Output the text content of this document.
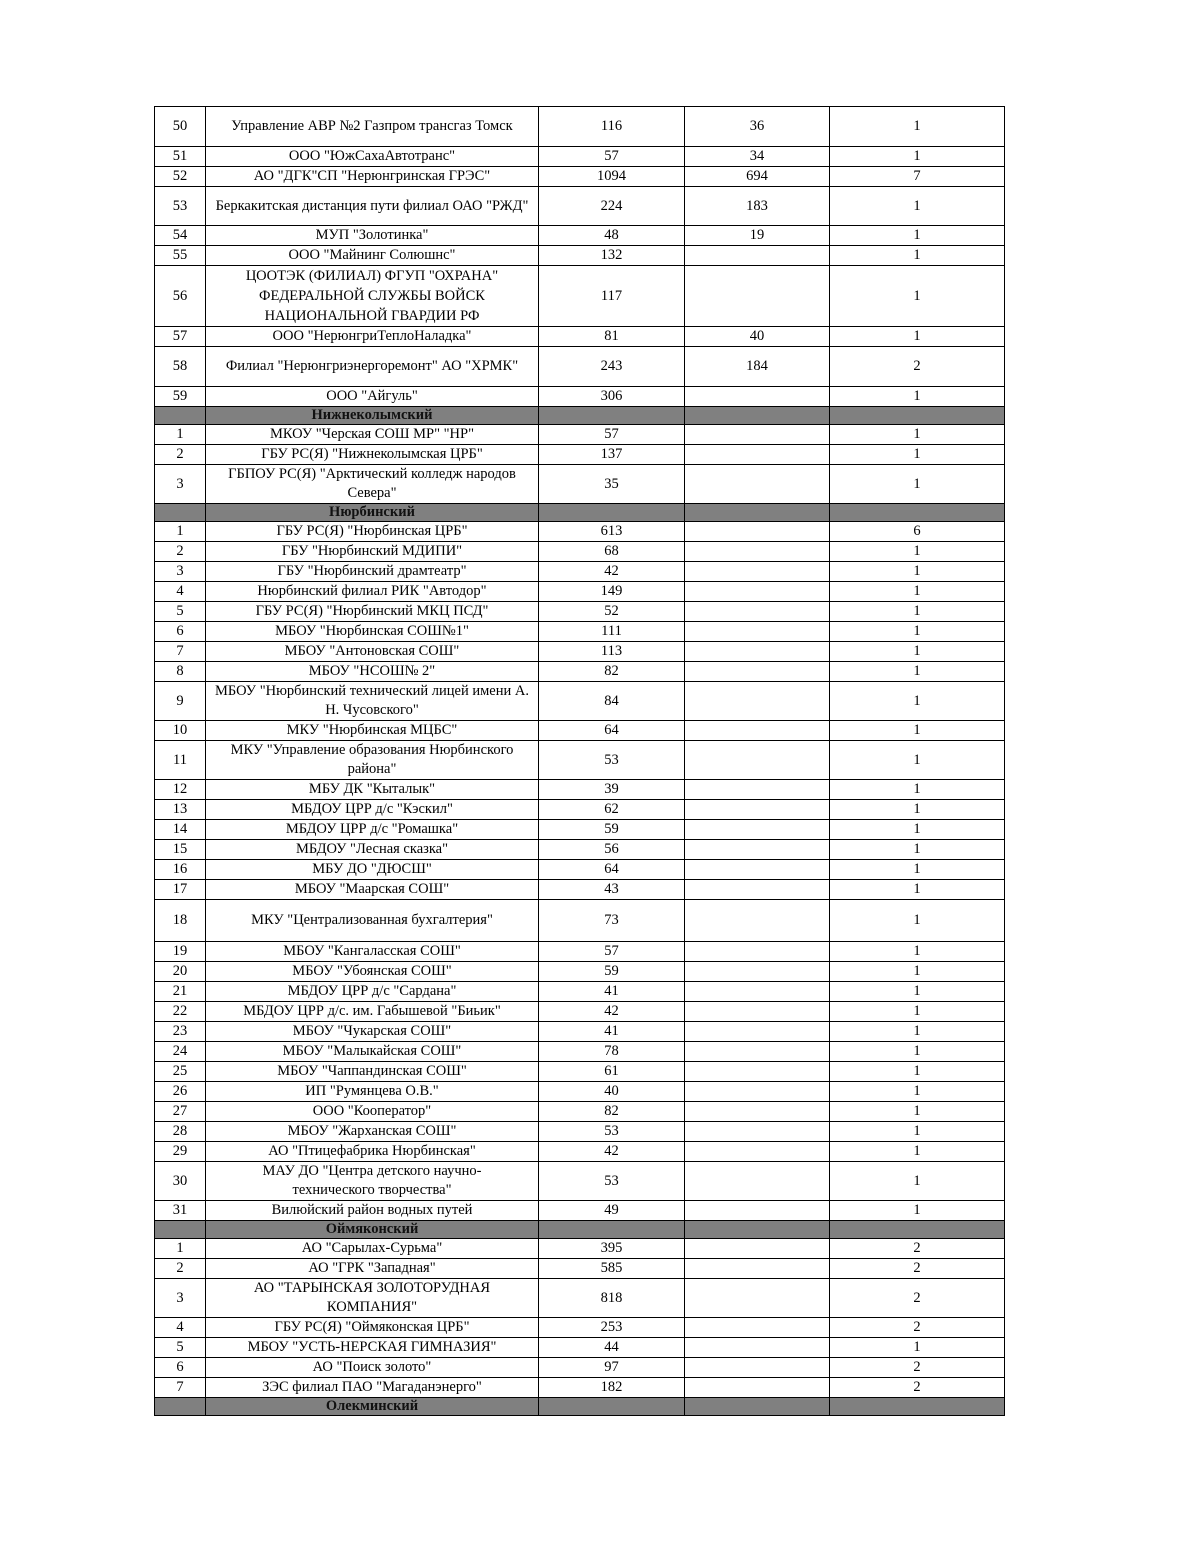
50	Управление АВР №2 Газпром трансгаз Томск	116	36	1
51	ООО "ЮжСахаАвтотранс"	57	34	1
52	АО "ДГК"СП "Нерюнгринская ГРЭС"	1094	694	7
53	Беркакитская дистанция пути филиал ОАО "РЖД"	224	183	1
54	МУП "Золотинка"	48	19	1
55	ООО "Майнинг Солюшнс"	132		1
56	ЦООТЭК (ФИЛИАЛ) ФГУП "ОХРАНА"
ФЕДЕРАЛЬНОЙ СЛУЖБЫ ВОЙСК
НАЦИОНАЛЬНОЙ ГВАРДИИ РФ	117		1
57	ООО "НерюнгриТеплоНаладка"	81	40	1
58	Филиал "Нерюнгриэнергоремонт" АО "ХРМК"	243	184	2
59	ООО "Айгуль"	306		1
	Нижнеколымский			
1	МКОУ "Черская СОШ МР" "НР"	57		1
2	ГБУ РС(Я) "Нижнеколымская ЦРБ"	137		1
3	ГБПОУ РС(Я) "Арктический колледж народов Севера"	35		1
	Нюрбинский			
1	ГБУ РС(Я) "Нюрбинская ЦРБ"	613		6
2	ГБУ "Нюрбинский МДИПИ"	68		1
3	ГБУ "Нюрбинский драмтеатр"	42		1
4	Нюрбинский филиал РИК "Автодор"	149		1
5	ГБУ РС(Я) "Нюрбинский МКЦ ПСД"	52		1
6	МБОУ "Нюрбинская СОШ№1"	111		1
7	МБОУ "Антоновская СОШ"	113		1
8	МБОУ "НСОШ№ 2"	82		1
9	МБОУ "Нюрбинский технический лицей имени А. Н. Чусовского"	84		1
10	МКУ "Нюрбинская МЦБС"	64		1
11	МКУ "Управление образования Нюрбинского района"	53		1
12	МБУ ДК "Кыталык"	39		1
13	МБДОУ ЦРР д/с "Кэскил"	62		1
14	МБДОУ ЦРР д/с "Ромашка"	59		1
15	МБДОУ "Лесная сказка"	56		1
16	МБУ ДО "ДЮСШ"	64		1
17	МБОУ "Маарская СОШ"	43		1
18	МКУ "Централизованная бухгалтерия"	73		1
19	МБОУ "Кангаласская СОШ"	57		1
20	МБОУ "Убоянская СОШ"	59		1
21	МБДОУ ЦРР д/с "Сардана"	41		1
22	МБДОУ ЦРР д/с. им. Габышевой "Биьик"	42		1
23	МБОУ "Чукарская СОШ"	41		1
24	МБОУ "Малыкайская СОШ"	78		1
25	МБОУ "Чаппандинская СОШ"	61		1
26	ИП "Румянцева О.В."	40		1
27	ООО "Кооператор"	82		1
28	МБОУ "Жарханская СОШ"	53		1
29	АО "Птицефабрика Нюрбинская"	42		1
30	МАУ ДО "Центра детского научно-
технического творчества"	53		1
31	Вилюйский район водных путей	49		1
	Оймяконский			
1	АО "Сарылах-Сурьма"	395		2
2	АО "ГРК "Западная"	585		2
3	АО "ТАРЫНСКАЯ ЗОЛОТОРУДНАЯ
КОМПАНИЯ"	818		2
4	ГБУ РС(Я) "Оймяконская ЦРБ"	253		2
5	МБОУ "УСТЬ-НЕРСКАЯ ГИМНАЗИЯ"	44		1
6	АО "Поиск золото"	97		2
7	ЗЭС филиал ПАО "Магаданэнерго"	182		2
	Олекминский			
